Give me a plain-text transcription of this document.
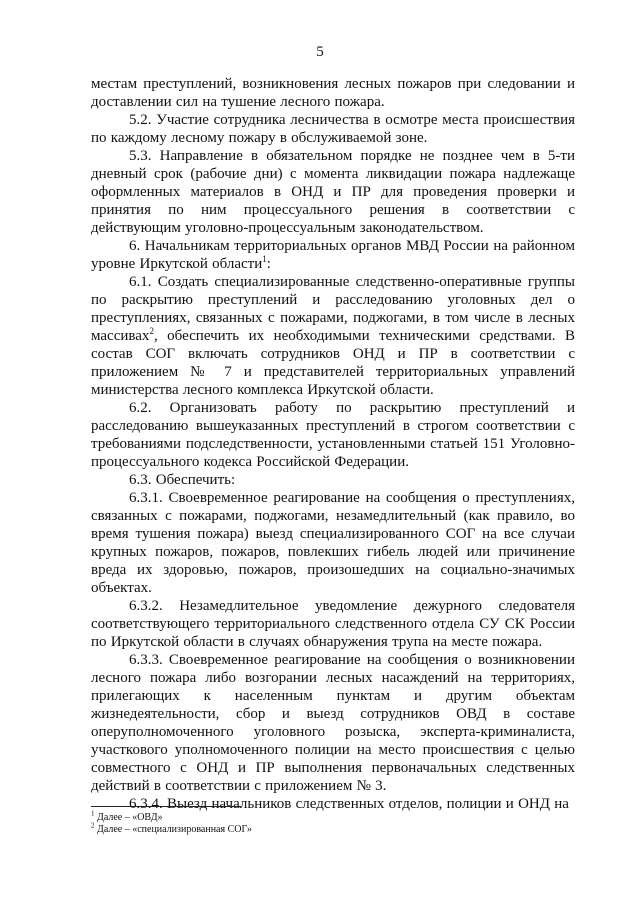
5

местам преступлений, возникновения лесных пожаров при следовании и доставлении сил на тушение лесного пожара.

5.2. Участие сотрудника лесничества в осмотре места происшествия по каждому лесному пожару в обслуживаемой зоне.

5.3. Направление в обязательном порядке не позднее чем в 5-ти дневный срок (рабочие дни) с момента ликвидации пожара надлежаще оформленных материалов в ОНД и ПР для проведения проверки и принятия по ним процессуального решения в соответствии с действующим уголовно-процессуальным законодательством.

6. Начальникам территориальных органов МВД России на районном уровне Иркутской области$^1$:

6.1. Создать специализированные следственно-оперативные группы по раскрытию преступлений и расследованию уголовных дел о преступлениях, связанных с пожарами, поджогами, в том числе в лесных массивах$^2$, обеспечить их необходимыми техническими средствами. В состав СОГ включать сотрудников ОНД и ПР в соответствии с приложением № 7 и представителей территориальных управлений министерства лесного комплекса Иркутской области.

6.2. Организовать работу по раскрытию преступлений и расследованию вышеуказанных преступлений в строгом соответствии с требованиями подследственности, установленными статьей 151 Уголовно-процессуального кодекса Российской Федерации.

6.3. Обеспечить:

6.3.1. Своевременное реагирование на сообщения о преступлениях, связанных с пожарами, поджогами, незамедлительный (как правило, во время тушения пожара) выезд специализированного СОГ на все случаи крупных пожаров, пожаров, повлекших гибель людей или причинение вреда их здоровью, пожаров, произошедших на социально-значимых объектах.

6.3.2. Незамедлительное уведомление дежурного следователя соответствующего территориального следственного отдела СУ СК России по Иркутской области в случаях обнаружения трупа на месте пожара.

6.3.3. Своевременное реагирование на сообщения о возникновении лесного пожара либо возгорании лесных насаждений на территориях, прилегающих к населенным пунктам и другим объектам жизнедеятельности, сбор и выезд сотрудников ОВД в составе оперуполномоченного уголовного розыска, эксперта-криминалиста, участкового уполномоченного полиции на место происшествия с целью совместного с ОНД и ПР выполнения первоначальных следственных действий в соответствии с приложением № 3.

6.3.4. Выезд начальников следственных отделов, полиции и ОНД на

$^1$ Далее – «ОВД»

$^2$ Далее – «специализированная СОГ»
